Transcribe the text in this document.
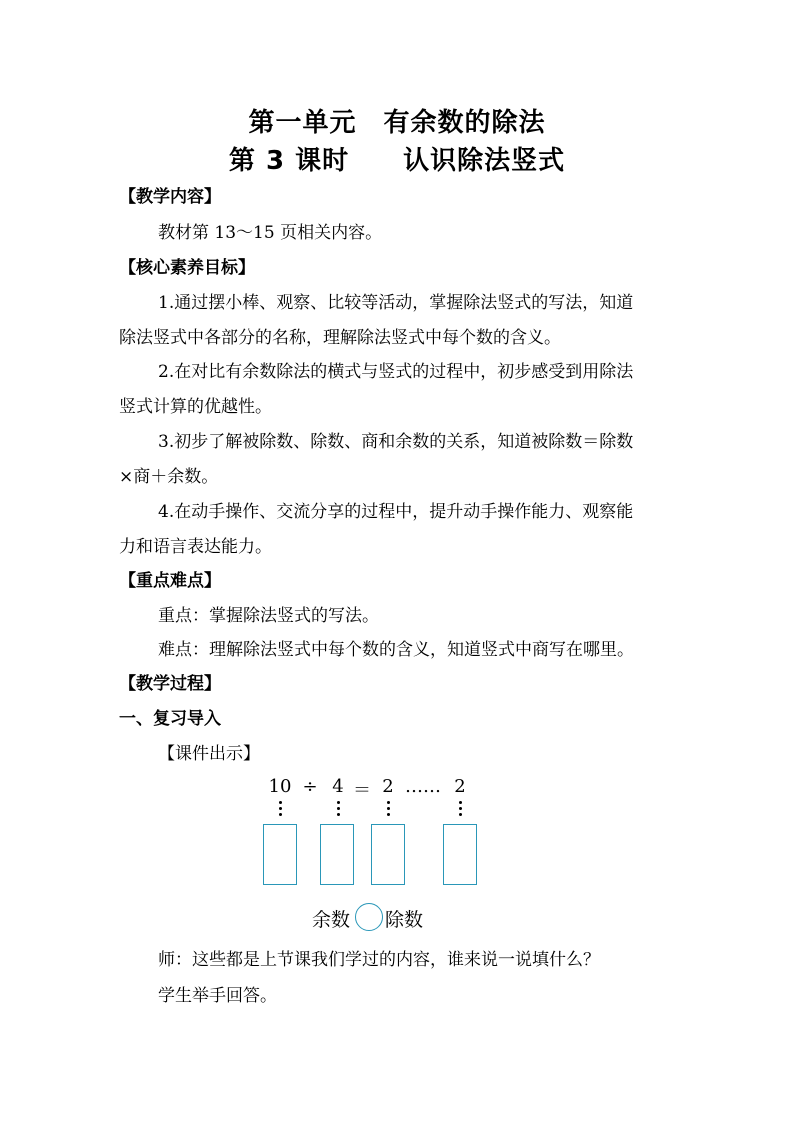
第一单元　有余数的除法
第 3 课时　　认识除法竖式
【教学内容】
教材第 13～15 页相关内容。
【核心素养目标】
1.通过摆小棒、观察、比较等活动，掌握除法竖式的写法，知道
除法竖式中各部分的名称，理解除法竖式中每个数的含义。
2.在对比有余数除法的横式与竖式的过程中，初步感受到用除法
竖式计算的优越性。
3.初步了解被除数、除数、商和余数的关系，知道被除数＝除数
×商＋余数。
4.在动手操作、交流分享的过程中，提升动手操作能力、观察能
力和语言表达能力。
【重点难点】
重点：掌握除法竖式的写法。
难点：理解除法竖式中每个数的含义，知道竖式中商写在哪里。
【教学过程】
一、复习导入
【课件出示】
10 ÷ 4 ＝ 2 …… 2
余数 除数
师：这些都是上节课我们学过的内容，谁来说一说填什么？
学生举手回答。
